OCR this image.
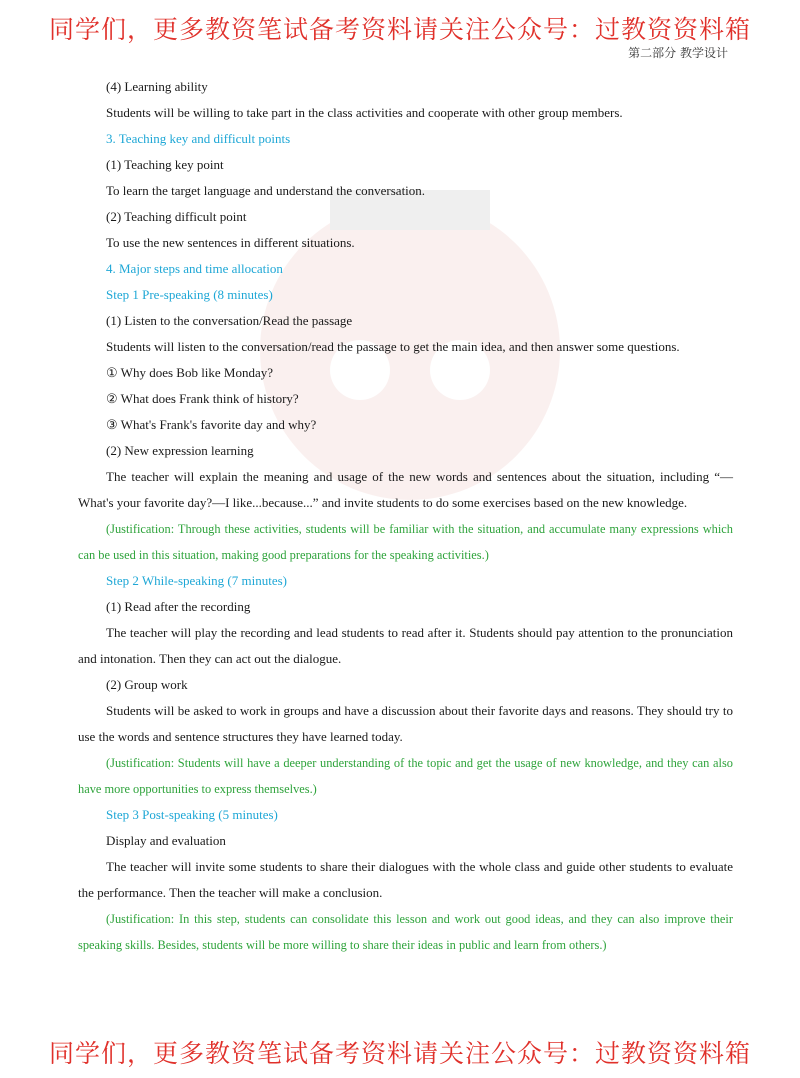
同学们，更多教资笔试备考资料请关注公众号：过教资资料箱
第二部分 教学设计

(4) Learning ability

Students will be willing to take part in the class activities and cooperate with other group members.

3. Teaching key and difficult points

(1) Teaching key point

To learn the target language and understand the conversation.

(2) Teaching difficult point

To use the new sentences in different situations.

4. Major steps and time allocation

Step 1 Pre-speaking (8 minutes)

(1) Listen to the conversation/Read the passage

Students will listen to the conversation/read the passage to get the main idea, and then answer some questions.

① Why does Bob like Monday?

② What does Frank think of history?

③ What's Frank's favorite day and why?

(2) New expression learning

The teacher will explain the meaning and usage of the new words and sentences about the situation, including “—What's your favorite day?—I like...because...” and invite students to do some exercises based on the new knowledge.

(Justification: Through these activities, students will be familiar with the situation, and accumulate many expressions which can be used in this situation, making good preparations for the speaking activities.)

Step 2 While-speaking (7 minutes)

(1) Read after the recording

The teacher will play the recording and lead students to read after it. Students should pay attention to the pronunciation and intonation. Then they can act out the dialogue.

(2) Group work

Students will be asked to work in groups and have a discussion about their favorite days and reasons. They should try to use the words and sentence structures they have learned today.

(Justification: Students will have a deeper understanding of the topic and get the usage of new knowledge, and they can also have more opportunities to express themselves.)

Step 3 Post-speaking (5 minutes)

Display and evaluation

The teacher will invite some students to share their dialogues with the whole class and guide other students to evaluate the performance. Then the teacher will make a conclusion.

(Justification: In this step, students can consolidate this lesson and work out good ideas, and they can also improve their speaking skills. Besides, students will be more willing to share their ideas in public and learn from others.)

同学们，更多教资笔试备考资料请关注公众号：过教资资料箱
